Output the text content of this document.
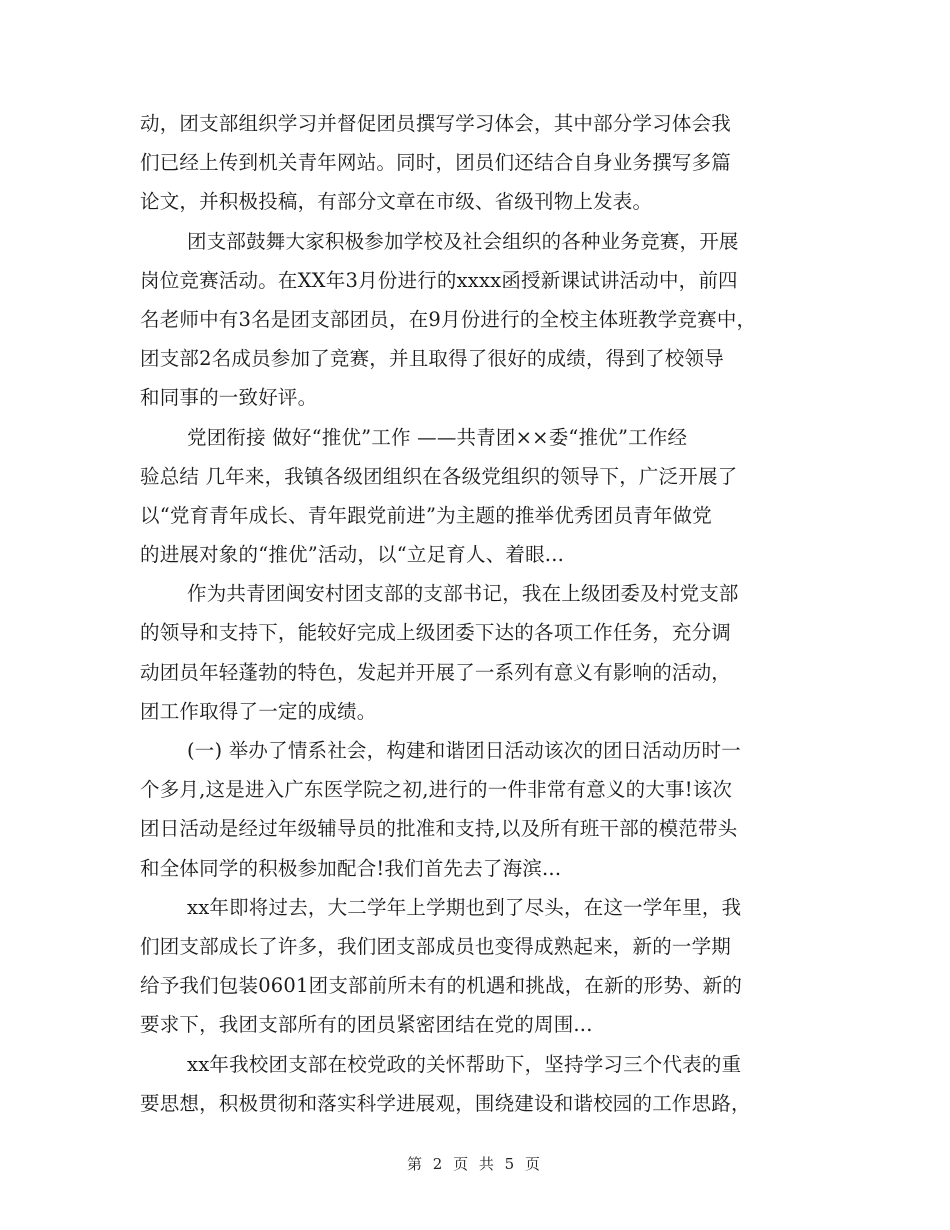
动，团支部组织学习并督促团员撰写学习体会，其中部分学习体会我
们已经上传到机关青年网站。同时，团员们还结合自身业务撰写多篇
论文，并积极投稿，有部分文章在市级、省级刊物上发表。
团支部鼓舞大家积极参加学校及社会组织的各种业务竞赛，开展
岗位竞赛活动。在XX年3月份进行的xxxx函授新课试讲活动中，前四
名老师中有3名是团支部团员，在9月份进行的全校主体班教学竞赛中，
团支部2名成员参加了竞赛，并且取得了很好的成绩，得到了校领导
和同事的一致好评。
党团衔接 做好“推优”工作 ——共青团××委“推优”工作经
验总结 几年来，我镇各级团组织在各级党组织的领导下，广泛开展了
以“党育青年成长、青年跟党前进”为主题的推举优秀团员青年做党
的进展对象的“推优”活动，以“立足育人、着眼...
作为共青团闽安村团支部的支部书记，我在上级团委及村党支部
的领导和支持下，能较好完成上级团委下达的各项工作任务，充分调
动团员年轻蓬勃的特色，发起并开展了一系列有意义有影响的活动，
团工作取得了一定的成绩。
(一) 举办了情系社会，构建和谐团日活动该次的团日活动历时一
个多月,这是进入广东医学院之初,进行的一件非常有意义的大事!该次
团日活动是经过年级辅导员的批准和支持,以及所有班干部的模范带头
和全体同学的积极参加配合!我们首先去了海滨...
xx年即将过去，大二学年上学期也到了尽头，在这一学年里，我
们团支部成长了许多，我们团支部成员也变得成熟起来，新的一学期
给予我们包装0601团支部前所未有的机遇和挑战，在新的形势、新的
要求下，我团支部所有的团员紧密团结在党的周围...
xx年我校团支部在校党政的关怀帮助下，坚持学习三个代表的重
要思想，积极贯彻和落实科学进展观，围绕建设和谐校园的工作思路，
第 2 页 共 5 页
